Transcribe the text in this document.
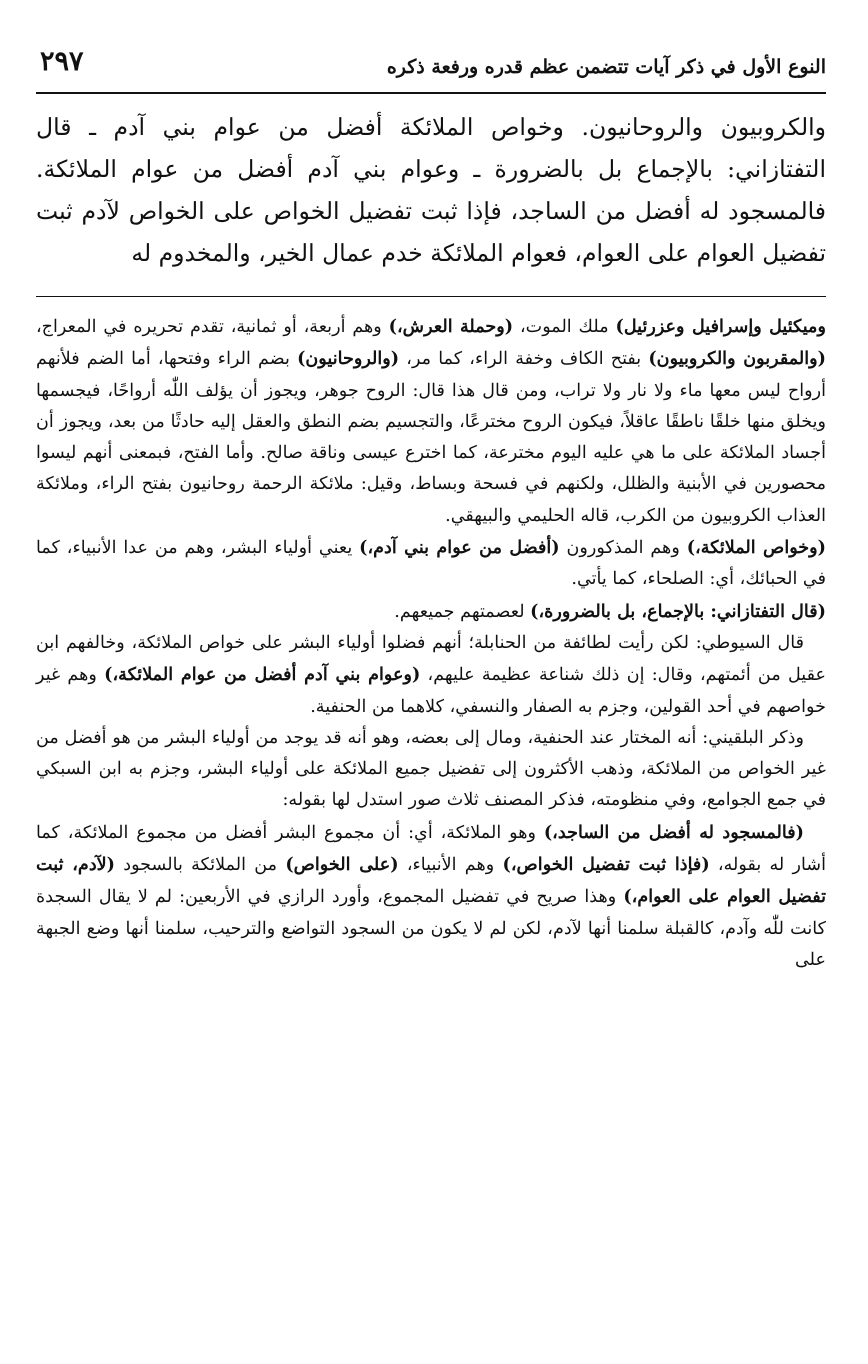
النوع الأول في ذكر آيات تتضمن عظم قدره ورفعة ذكره
٢٩٧

والكروبيون والروحانيون. وخواص الملائكة أفضل من عوام بني آدم ـ قال التفتازاني: بالإجماع بل بالضرورة ـ وعوام بني آدم أفضل من عوام الملائكة. فالمسجود له أفضل من الساجد، فإذا ثبت تفضيل الخواص على الخواص لآدم ثبت تفضيل العوام على العوام، فعوام الملائكة خدم عمال الخير، والمخدوم له

وميكئيل وإسرافيل وعزرئيل) ملك الموت، (وحملة العرش،) وهم أربعة، أو ثمانية، تقدم تحريره في المعراج، (والمقربون والكروبيون) بفتح الكاف وخفة الراء، كما مر، (والروحانيون) بضم الراء وفتحها، أما الضم فلأنهم أرواح ليس معها ماء ولا نار ولا تراب، ومن قال هذا قال: الروح جوهر، ويجوز أن يؤلف اللّٰه أرواحًا، فيجسمها ويخلق منها خلقًا ناطقًا عاقلاً، فيكون الروح مخترعًا، والتجسيم بضم النطق والعقل إليه حادثًا من بعد، ويجوز أن أجساد الملائكة على ما هي عليه اليوم مخترعة، كما اخترع عيسى وناقة صالح. وأما الفتح، فبمعنى أنهم ليسوا محصورين في الأبنية والظلل، ولكنهم في فسحة وبساط، وقيل: ملائكة الرحمة روحانيون بفتح الراء، وملائكة العذاب الكروبيون من الكرب، قاله الحليمي والبيهقي.

(وخواص الملائكة،) وهم المذكورون (أفضل من عوام بني آدم،) يعني أولياء البشر، وهم من عدا الأنبياء، كما في الحبائك، أي: الصلحاء، كما يأتي.

(قال التفتازاني: بالإجماع، بل بالضرورة،) لعصمتهم جميعهم.

قال السيوطي: لكن رأيت لطائفة من الحنابلة؛ أنهم فضلوا أولياء البشر على خواص الملائكة، وخالفهم ابن عقيل من أئمتهم، وقال: إن ذلك شناعة عظيمة عليهم، (وعوام بني آدم أفضل من عوام الملائكة،) وهم غير خواصهم في أحد القولين، وجزم به الصفار والنسفي، كلاهما من الحنفية.

وذكر البلقيني: أنه المختار عند الحنفية، ومال إلى بعضه، وهو أنه قد يوجد من أولياء البشر من هو أفضل من غير الخواص من الملائكة، وذهب الأكثرون إلى تفضيل جميع الملائكة على أولياء البشر، وجزم به ابن السبكي في جمع الجوامع، وفي منظومته، فذكر المصنف ثلاث صور استدل لها بقوله:

(فالمسجود له أفضل من الساجد،) وهو الملائكة، أي: أن مجموع البشر أفضل من مجموع الملائكة، كما أشار له بقوله، (فإذا ثبت تفضيل الخواص،) وهم الأنبياء، (على الخواص) من الملائكة بالسجود (لآدم، ثبت تفضيل العوام على العوام،) وهذا صريح في تفضيل المجموع، وأورد الرازي في الأربعين: لم لا يقال السجدة كانت للّٰه وآدم، كالقبلة سلمنا أنها لآدم، لكن لم لا يكون من السجود التواضع والترحيب، سلمنا أنها وضع الجبهة على
